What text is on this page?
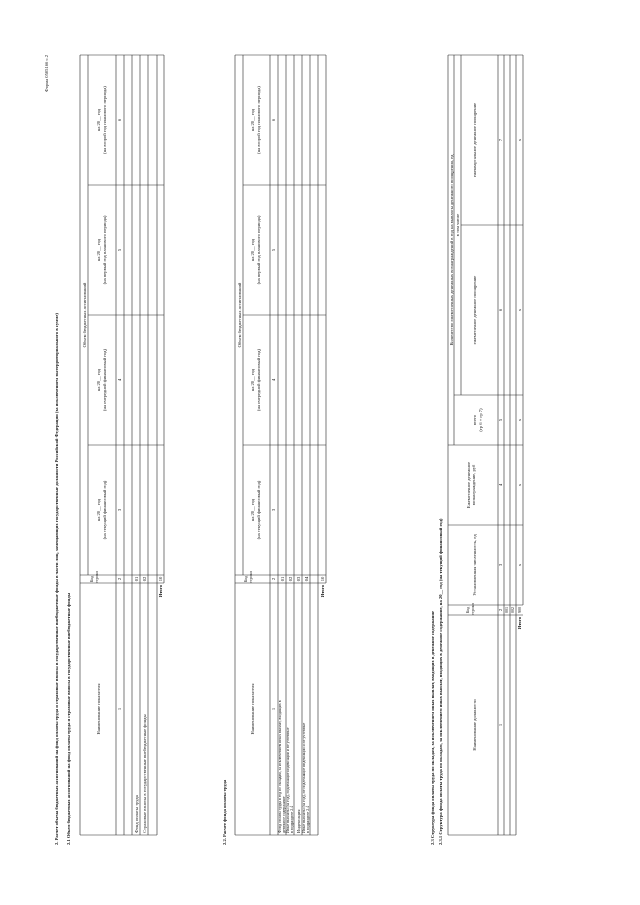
Форма 0505166 с.2
2. Расчет объема бюджетных ассигнований на фонд оплаты труда и страховые взносы в государственные внебюджетные фонды в части лиц, замещающих государственные должности Российской Федерации (за исключением экстерриториального в сумме) 2.1 Объем бюджетных ассигнований на фонд оплаты труда и страховые взносы в государственные внебюджетные фонды	Наименование показателя
Код строки
Объем бюджетных ассигнований
на 20__ год (на текущий финансовый год)
на 20__ год (на очередной финансовый год)
на 20__ год (на первый год планового периода)
на 20__ год (на второй год планового периода)
1
2
3
4
5
6
Фонд оплаты труда
01
Страховые взносы в государственные внебюджетные фонды
02
Итого
10
2.2. Расчет фонда оплаты труда
Наименование показателя
Код строки
Объем бюджетных ассигнований
на 20__ год (на текущий финансовый год)
на 20__ год (на очередной финансовый год)
на 20__ год (на первый год планового периода)
на 20__ год (на второй год планового периода)
1
2
3
4
5
6
Фонд оплаты труда в год по окладам, за исключением иных выплат, входящих в денежное содержание
01
Иные выплаты (за год), подлежащие индексации и не учтенные в подразделе 2.4
02
Индексация
03
Иные выплаты (за год), не подлежащие индексации и не учтенные в подразделе 2.4
04
Итого
10
2.3 Структура фонда оплаты труда по окладам, за исключением иных выплат, входящих в денежное содержание 2.3.1 Структура фонда оплаты труда по окладам, за исключением иных выплат, входящих в денежное содержание, на 20__ год (на текущий финансовый год)	Наименование должности
Код строки
Установленная численность, ед
Ежемесячное денежное вознаграждение, руб
Количество ежемесячных денежных вознаграждений в год на выплаты денежного поощрения, ед
всего (гр 6 + гр 7)
в том числе
ежемесячное денежное поощрение
ежеквартальное денежное поощрение
1
2
3
4
5
6
7
001 002
Итого
900
x
x
x
x
x
